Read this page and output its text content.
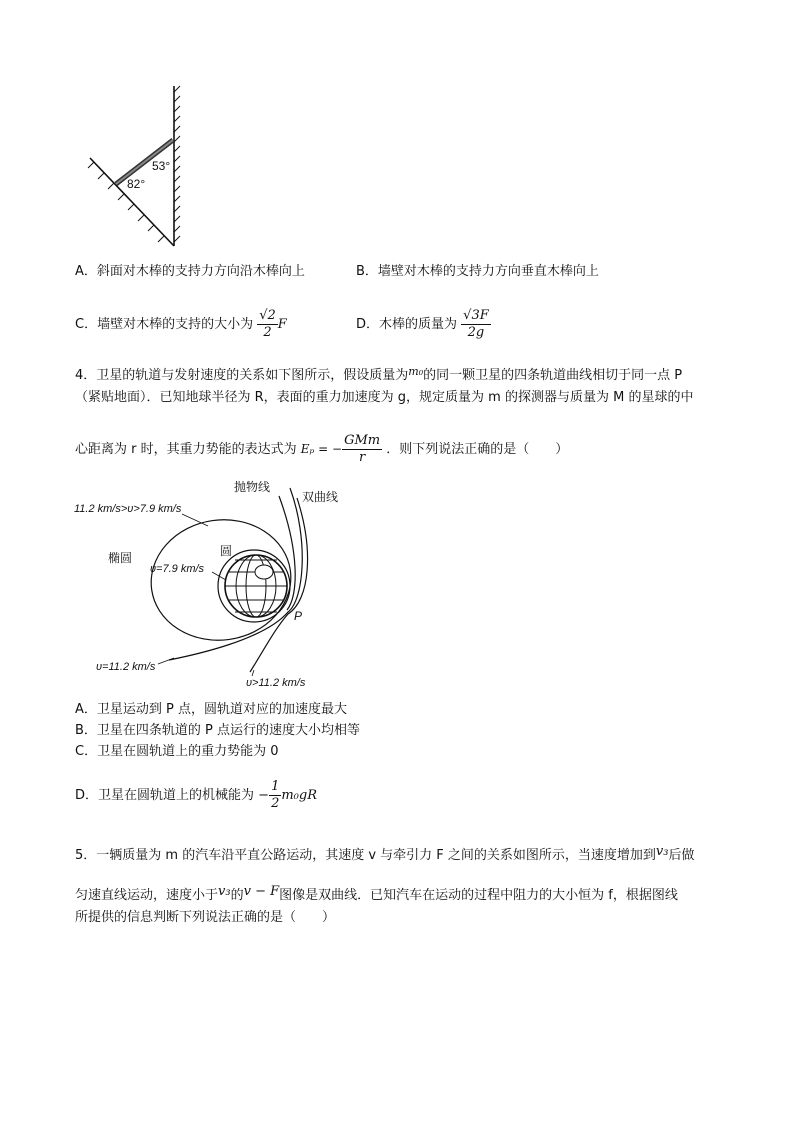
53°
82°
A．斜面对木棒的支持力方向沿木棒向上	B．墙壁对木棒的支持力方向垂直木棒向上
C．墙壁对木棒的支持的大小为 $\frac{√2}{2}$ F	D．木棒的质量为 $\frac{√3F}{2g}$
4．卫星的轨道与发射速度的关系如下图所示，假设质量为$^{m_0}$的同一颗卫星的四条轨道曲线相切于同一点 P
（紧贴地面）．已知地球半径为 R，表面的重力加速度为 g，规定质量为 m 的探测器与质量为 M 的星球的中
心距离为 r 时，其重力势能的表达式为 Eₚ = − $\frac{\text{GMm}}{r}$ ．则下列说法正确的是（　　）
11.2 km/s>υ>7.9 km/s
抛物线
双曲线
椭圆	圆
υ=7.9 km/s
P
υ=11.2 km/s
υ>11.2 km/s
A．卫星运动到 P 点，圆轨道对应的加速度最大
B．卫星在四条轨道的 P 点运行的速度大小均相等
C．卫星在圆轨道上的重力势能为 0
D．卫星在圆轨道上的机械能为 − $\frac{1}{2} m_0gR$
5．一辆质量为 m 的汽车沿平直公路运动，其速度 v 与牵引力 F 之间的关系如图所示，当速度增加到v₃后做
匀速直线运动，速度小于v₃的v − F图像是双曲线．已知汽车在运动的过程中阻力的大小恒为 f，根据图线
所提供的信息判断下列说法正确的是（　　）
